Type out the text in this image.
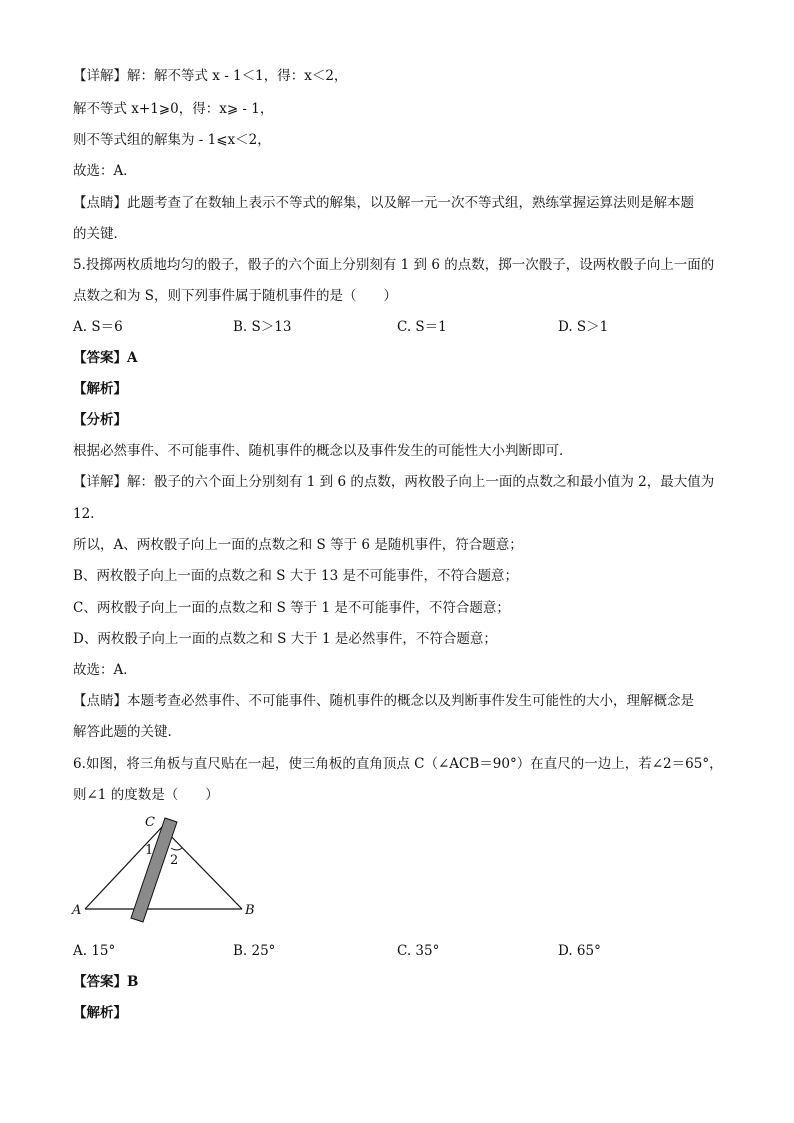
【详解】解：解不等式 x - 1＜1，得：x＜2，
解不等式 x+1⩾0，得：x⩾ - 1，
则不等式组的解集为 - 1⩽x＜2，
故选：A．
【点睛】此题考查了在数轴上表示不等式的解集，以及解一元一次不等式组，熟练掌握运算法则是解本题
的关键．
5.投掷两枚质地均匀的骰子，骰子的六个面上分别刻有 1 到 6 的点数，掷一次骰子，设两枚骰子向上一面的
点数之和为 S，则下列事件属于随机事件的是（　　）
A. S＝6	B. S＞13	C. S＝1	D. S＞1
【答案】A
【解析】
【分析】
根据必然事件、不可能事件、随机事件的概念以及事件发生的可能性大小判断即可．
【详解】解：骰子的六个面上分别刻有 1 到 6 的点数，两枚骰子向上一面的点数之和最小值为 2，最大值为
12.
所以，A、两枚骰子向上一面的点数之和 S 等于 6 是随机事件，符合题意；
B、两枚骰子向上一面的点数之和 S 大于 13 是不可能事件，不符合题意；
C、两枚骰子向上一面的点数之和 S 等于 1 是不可能事件，不符合题意；
D、两枚骰子向上一面的点数之和 S 大于 1 是必然事件，不符合题意；
故选：A．
【点睛】本题考查必然事件、不可能事件、随机事件的概念以及判断事件发生可能性的大小，理解概念是
解答此题的关键.
6.如图，将三角板与直尺贴在一起，使三角板的直角顶点 C（∠ACB＝90°）在直尺的一边上，若∠2＝65°，
则∠1 的度数是（　　）
C
1
2
A	B
A. 15°	B. 25°	C. 35°	D. 65°
【答案】B
【解析】
